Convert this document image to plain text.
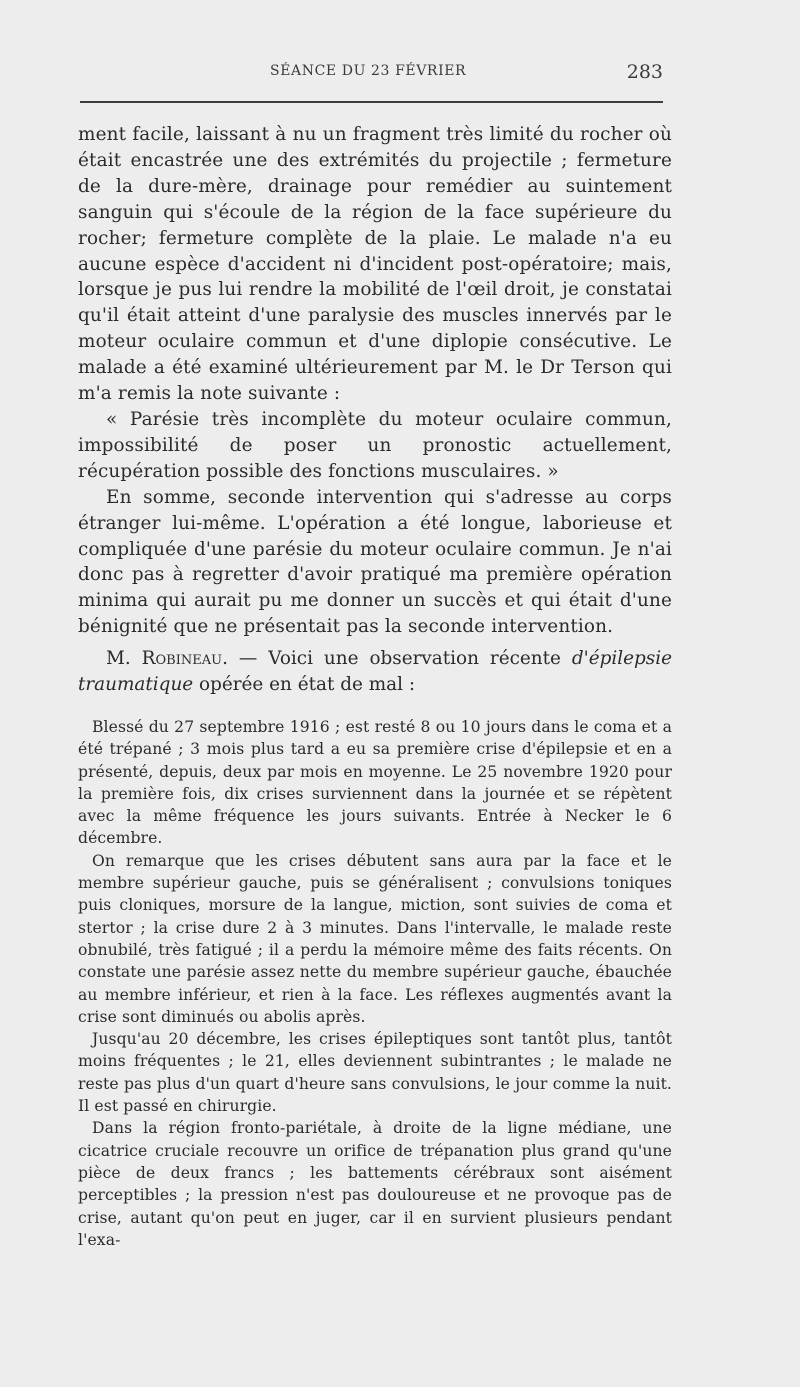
SÉANCE DU 23 FÉVRIER	283

ment facile, laissant à nu un fragment très limité du rocher où était encastrée une des extrémités du projectile ; fermeture de la dure-mère, drainage pour remédier au suintement sanguin qui s'écoule de la région de la face supérieure du rocher; fermeture complète de la plaie. Le malade n'a eu aucune espèce d'accident ni d'incident post-opératoire; mais, lorsque je pus lui rendre la mobilité de l'œil droit, je constatai qu'il était atteint d'une paralysie des muscles innervés par le moteur oculaire commun et d'une diplopie consécutive. Le malade a été examiné ultérieurement par M. le Dr Terson qui m'a remis la note suivante :

« Parésie très incomplète du moteur oculaire commun, impossibilité de poser un pronostic actuellement, récupération possible des fonctions musculaires. »

En somme, seconde intervention qui s'adresse au corps étranger lui-même. L'opération a été longue, laborieuse et compliquée d'une parésie du moteur oculaire commun. Je n'ai donc pas à regretter d'avoir pratiqué ma première opération minima qui aurait pu me donner un succès et qui était d'une bénignité que ne présentait pas la seconde intervention.

M. Robineau. — Voici une observation récente d'épilepsie traumatique opérée en état de mal :

Blessé du 27 septembre 1916 ; est resté 8 ou 10 jours dans le coma et a été trépané ; 3 mois plus tard a eu sa première crise d'épilepsie et en a présenté, depuis, deux par mois en moyenne. Le 25 novembre 1920 pour la première fois, dix crises surviennent dans la journée et se répètent avec la même fréquence les jours suivants. Entrée à Necker le 6 décembre.

On remarque que les crises débutent sans aura par la face et le membre supérieur gauche, puis se généralisent ; convulsions toniques puis cloniques, morsure de la langue, miction, sont suivies de coma et stertor ; la crise dure 2 à 3 minutes. Dans l'intervalle, le malade reste obnubilé, très fatigué ; il a perdu la mémoire même des faits récents. On constate une parésie assez nette du membre supérieur gauche, ébauchée au membre inférieur, et rien à la face. Les réflexes augmentés avant la crise sont diminués ou abolis après.

Jusqu'au 20 décembre, les crises épileptiques sont tantôt plus, tantôt moins fréquentes ; le 21, elles deviennent subintrantes ; le malade ne reste pas plus d'un quart d'heure sans convulsions, le jour comme la nuit. Il est passé en chirurgie.

Dans la région fronto-pariétale, à droite de la ligne médiane, une cicatrice cruciale recouvre un orifice de trépanation plus grand qu'une pièce de deux francs ; les battements cérébraux sont aisément perceptibles ; la pression n'est pas douloureuse et ne provoque pas de crise, autant qu'on peut en juger, car il en survient plusieurs pendant l'exa-
